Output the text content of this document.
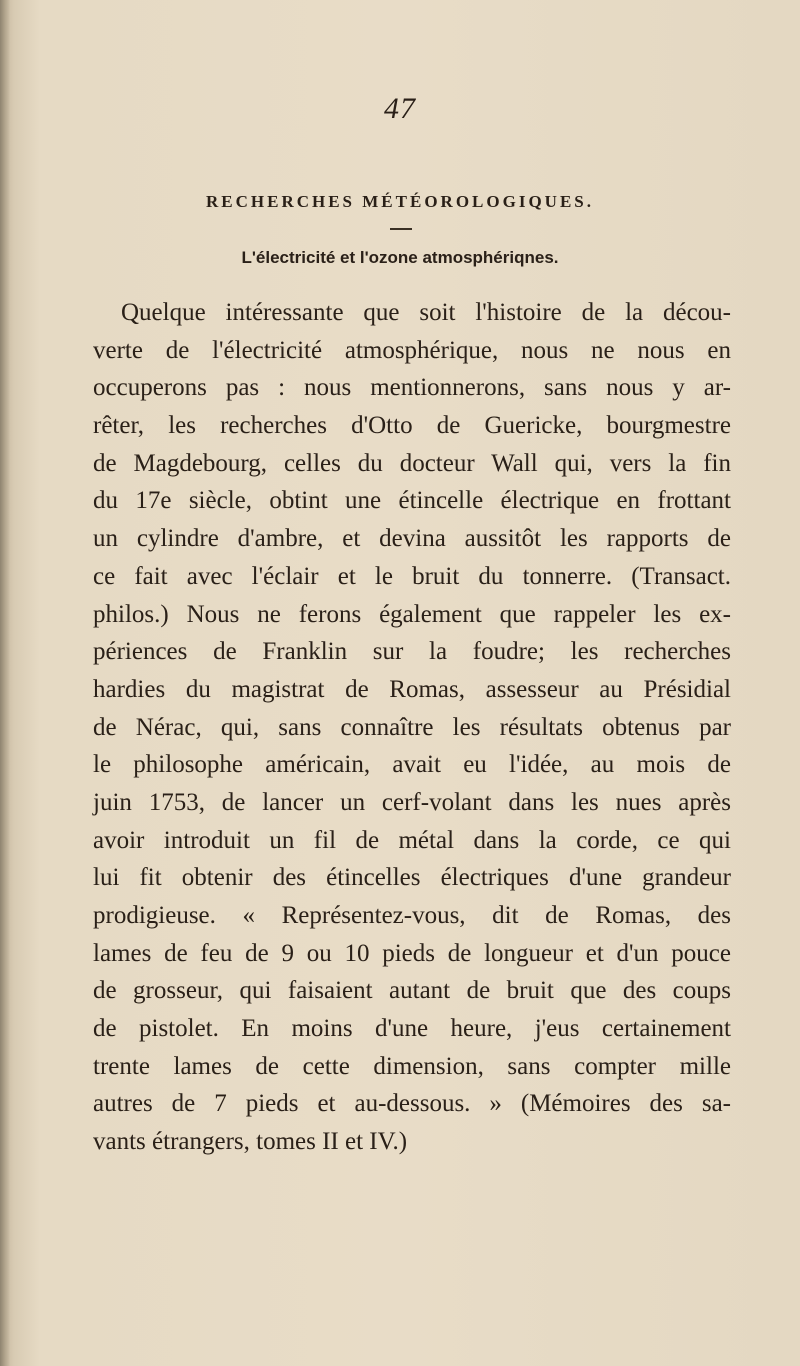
47
RECHERCHES MÉTÉOROLOGIQUES.
L'électricité et l'ozone atmosphériqnes.
Quelque intéressante que soit l'histoire de la décou-
verte de l'électricité atmosphérique, nous ne nous en
occuperons pas : nous mentionnerons, sans nous y ar-
rêter, les recherches d'Otto de Guericke, bourgmestre
de Magdebourg, celles du docteur Wall qui, vers la fin
du 17e siècle, obtint une étincelle électrique en frottant
un cylindre d'ambre, et devina aussitôt les rapports de
ce fait avec l'éclair et le bruit du tonnerre. (Transact.
philos.) Nous ne ferons également que rappeler les ex-
périences de Franklin sur la foudre; les recherches
hardies du magistrat de Romas, assesseur au Présidial
de Nérac, qui, sans connaître les résultats obtenus par
le philosophe américain, avait eu l'idée, au mois de
juin 1753, de lancer un cerf-volant dans les nues après
avoir introduit un fil de métal dans la corde, ce qui
lui fit obtenir des étincelles électriques d'une grandeur
prodigieuse. « Représentez-vous, dit de Romas, des
lames de feu de 9 ou 10 pieds de longueur et d'un pouce
de grosseur, qui faisaient autant de bruit que des coups
de pistolet. En moins d'une heure, j'eus certainement
trente lames de cette dimension, sans compter mille
autres de 7 pieds et au-dessous. » (Mémoires des sa-
vants étrangers, tomes II et IV.)
